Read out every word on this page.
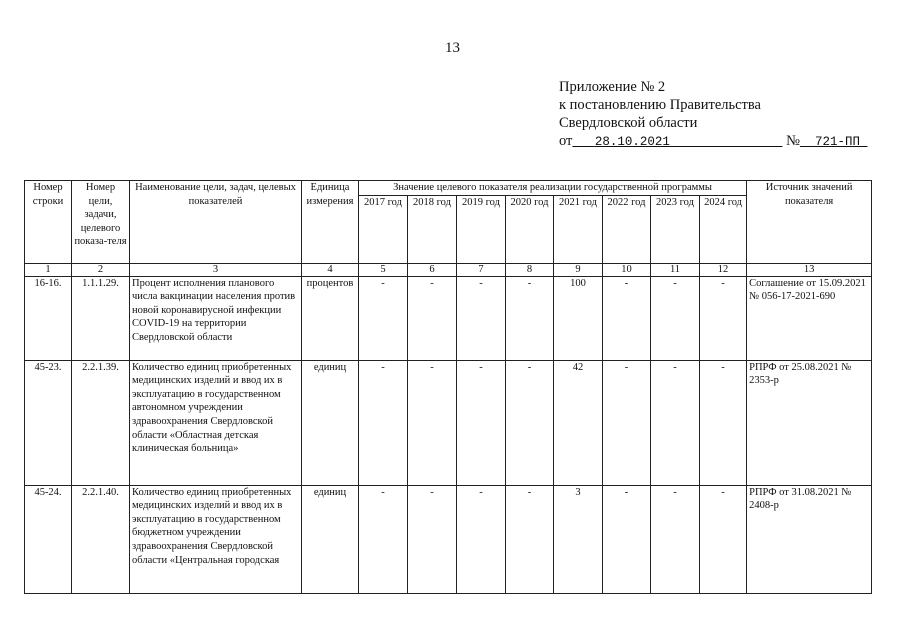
13
Приложение № 2
к постановлению Правительства
Свердловской области
от 28.10.2021	№ 721-ПП
Номер строки	Номер цели, задачи, целевого показа-теля	Наименование цели, задач, целевых показателей	Единица измерения	Значение целевого показателя реализации государственной программы								Источник значений показателя
				2017 год	2018 год	2019 год	2020 год	2021 год	2022 год	2023 год	2024 год	
1	2	3	4	5	6	7	8	9	10	11	12	13
16-16.	1.1.1.29.	Процент исполнения планового числа вакцинации населения против новой коронавирусной инфекции COVID-19 на территории Свердловской области	процентов	-	-	-	-	100	-	-	-	Соглашение от 15.09.2021 № 056-17-2021-690
45-23.	2.2.1.39.	Количество единиц приобретенных медицинских изделий и ввод их в эксплуатацию в государственном автономном учреждении здравоохранения Свердловской области «Областная детская клиническая больница»	единиц	-	-	-	-	42	-	-	-	РПРФ от 25.08.2021 № 2353-р
45-24.	2.2.1.40.	Количество единиц приобретенных медицинских изделий и ввод их в эксплуатацию в государственном бюджетном учреждении здравоохранения Свердловской области «Центральная городская	единиц	-	-	-	-	3	-	-	-	РПРФ от 31.08.2021 № 2408-р
